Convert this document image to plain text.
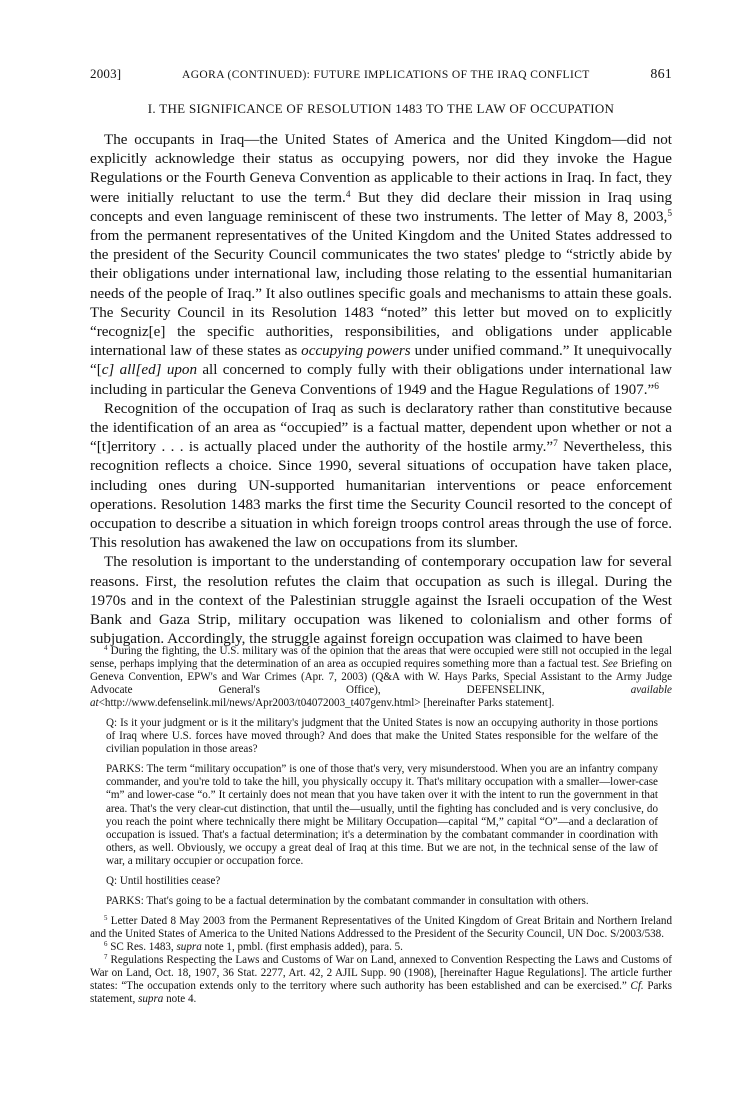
2003]	AGORA (CONTINUED): FUTURE IMPLICATIONS OF THE IRAQ CONFLICT	861
I. THE SIGNIFICANCE OF RESOLUTION 1483 TO THE LAW OF OCCUPATION

The occupants in Iraq—the United States of America and the United Kingdom—did not explicitly acknowledge their status as occupying powers, nor did they invoke the Hague Regulations or the Fourth Geneva Convention as applicable to their actions in Iraq. In fact, they were initially reluctant to use the term.$^4$ But they did declare their mission in Iraq using concepts and even language reminiscent of these two instruments. The letter of May 8, 2003,$^5$ from the permanent representatives of the United Kingdom and the United States addressed to the president of the Security Council communicates the two states' pledge to “strictly abide by their obligations under international law, including those relating to the essential humanitarian needs of the people of Iraq.” It also outlines specific goals and mechanisms to attain these goals. The Security Council in its Resolution 1483 “noted” this letter but moved on to explicitly “recogniz[e] the specific authorities, responsibilities, and obligations under applicable international law of these states as occupying powers under unified command.” It unequivocally “[c] all[ed] upon all concerned to comply fully with their obligations under international law including in particular the Geneva Conventions of 1949 and the Hague Regulations of 1907.”$^6$

Recognition of the occupation of Iraq as such is declaratory rather than constitutive because the identification of an area as “occupied” is a factual matter, dependent upon whether or not a “[t]erritory . . . is actually placed under the authority of the hostile army.”$^7$ Nevertheless, this recognition reflects a choice. Since 1990, several situations of occupation have taken place, including ones during UN-supported humanitarian interventions or peace enforcement operations. Resolution 1483 marks the first time the Security Council resorted to the concept of occupation to describe a situation in which foreign troops control areas through the use of force. This resolution has awakened the law on occupations from its slumber.

The resolution is important to the understanding of contemporary occupation law for several reasons. First, the resolution refutes the claim that occupation as such is illegal. During the 1970s and in the context of the Palestinian struggle against the Israeli occupation of the West Bank and Gaza Strip, military occupation was likened to colonialism and other forms of subjugation. Accordingly, the struggle against foreign occupation was claimed to have been

$^4$ During the fighting, the U.S. military was of the opinion that the areas that were occupied were still not occupied in the legal sense, perhaps implying that the determination of an area as occupied requires something more than a factual test. See Briefing on Geneva Convention, EPW's and War Crimes (Apr. 7, 2003) (Q&A with W. Hays Parks, Special Assistant to the Army Judge Advocate General's Office), DEFENSELINK, available at<http://www.defenselink.mil/news/Apr2003/t04072003_t407genv.html> [hereinafter Parks statement].

Q: Is it your judgment or is it the military's judgment that the United States is now an occupying authority in those portions of Iraq where U.S. forces have moved through? And does that make the United States responsible for the welfare of the civilian population in those areas?

PARKS: The term “military occupation” is one of those that's very, very misunderstood. When you are an infantry company commander, and you're told to take the hill, you physically occupy it. That's military occupation with a smaller—lower-case “m” and lower-case “o.” It certainly does not mean that you have taken over it with the intent to run the government in that area. That's the very clear-cut distinction, that until the—usually, until the fighting has concluded and is very conclusive, do you reach the point where technically there might be Military Occupation—capital “M,” capital “O”—and a declaration of occupation is issued. That's a factual determination; it's a determination by the combatant commander in coordination with others, as well. Obviously, we occupy a great deal of Iraq at this time. But we are not, in the technical sense of the law of war, a military occupier or occupation force.

Q: Until hostilities cease?

PARKS: That's going to be a factual determination by the combatant commander in consultation with others.

$^5$ Letter Dated 8 May 2003 from the Permanent Representatives of the United Kingdom of Great Britain and Northern Ireland and the United States of America to the United Nations Addressed to the President of the Security Council, UN Doc. S/2003/538.

$^6$ SC Res. 1483, supra note 1, pmbl. (first emphasis added), para. 5.

$^7$ Regulations Respecting the Laws and Customs of War on Land, annexed to Convention Respecting the Laws and Customs of War on Land, Oct. 18, 1907, 36 Stat. 2277, Art. 42, 2 AJIL Supp. 90 (1908), [hereinafter Hague Regulations]. The article further states: “The occupation extends only to the territory where such authority has been established and can be exercised.” Cf. Parks statement, supra note 4.
